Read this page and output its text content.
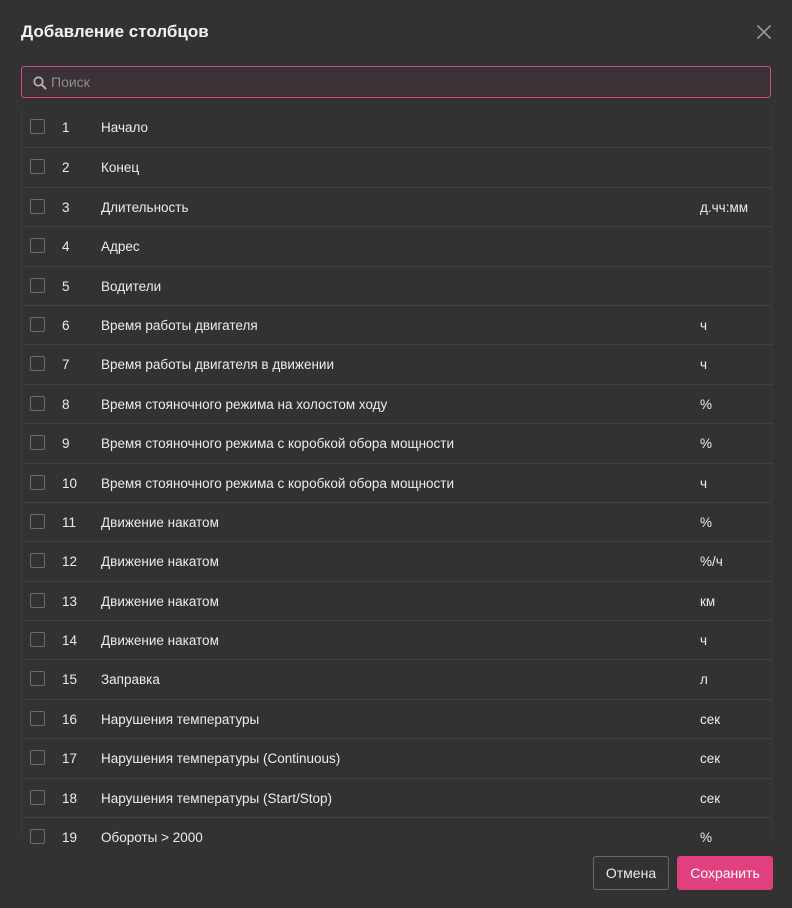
Добавление столбцов
Поиск
1 Начало
2 Конец
3 Длительность	д.чч:мм
4 Адрес
5 Водители
6 Время работы двигателя	ч
7 Время работы двигателя в движении	ч
8 Время стояночного режима на холостом ходу	%
9 Время стояночного режима с коробкой обора мощности	%
10 Время стояночного режима с коробкой обора мощности	ч
11 Движение накатом	%
12 Движение накатом	%/ч
13 Движение накатом	км
14 Движение накатом	ч
15 Заправка	л
16 Нарушения температуры	сек
17 Нарушения температуры (Continuous)	сек
18 Нарушения температуры (Start/Stop)	сек
19 Обороты > 2000	%
Отмена	Сохранить
